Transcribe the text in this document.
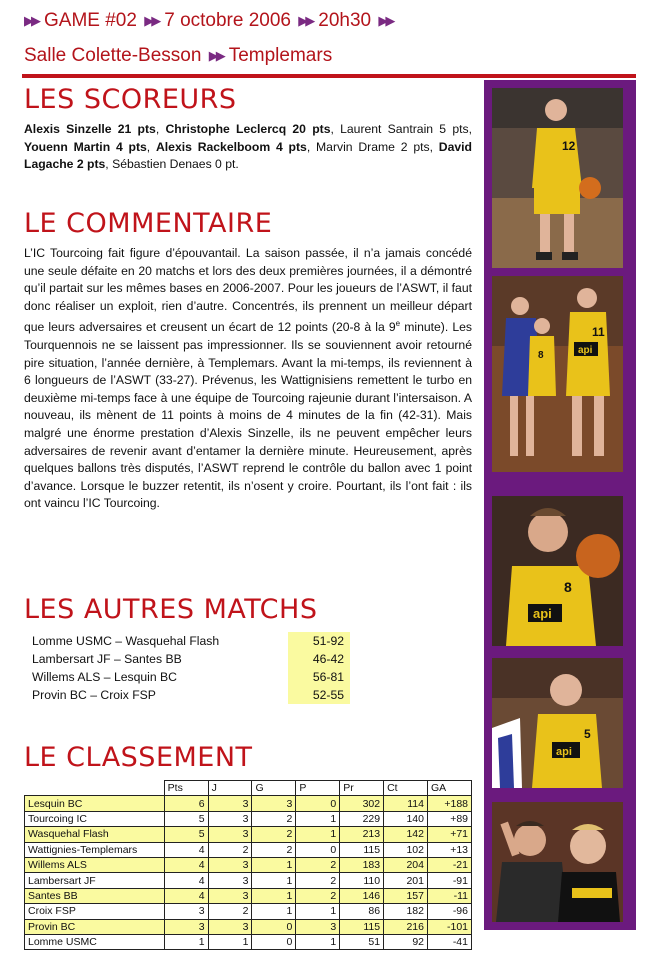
▶▶ GAME #02 ▶▶ 7 octobre 2006 ▶▶ 20h30 ▶▶
Salle Colette-Besson ▶▶ Templemars
LES SCOREURS
Alexis Sinzelle 21 pts, Christophe Leclercq 20 pts, Laurent Santrain 5 pts, Youenn Martin 4 pts, Alexis Rackelboom 4 pts, Marvin Drame 2 pts, David Lagache 2 pts, Sébastien Denaes 0 pt.
LE COMMENTAIRE
L’IC Tourcoing fait figure d’épouvantail. La saison passée, il n’a jamais concédé une seule défaite en 20 matchs et lors des deux premières journées, il a démontré qu’il partait sur les mêmes bases en 2006-2007. Pour les joueurs de l’ASWT, il faut donc réaliser un exploit, rien d’autre. Concentrés, ils prennent un meilleur départ que leurs adversaires et creusent un écart de 12 points (20-8 à la 9e minute). Les Tourquennois ne se laissent pas impressionner. Ils se souviennent avoir retourné pire situation, l’année dernière, à Templemars. Avant la mi-temps, ils reviennent à 6 longueurs de l’ASWT (33-27). Prévenus, les Wattignisiens remettent le turbo en deuxième mi-temps face à une équipe de Tourcoing rajeunie durant l’intersaison. A nouveau, ils mènent de 11 points à moins de 4 minutes de la fin (42-31). Mais malgré une énorme prestation d’Alexis Sinzelle, ils ne peuvent empêcher leurs adversaires de revenir avant d’entamer la dernière minute. Heureusement, après quelques ballons très disputés, l’ASWT reprend le contrôle du ballon avec 1 point d’avance. Lorsque le buzzer retentit, ils n’osent y croire. Pourtant, ils l’ont fait : ils ont vaincu l’IC Tourcoing.
LES AUTRES MATCHS
Lomme USMC – Wasquehal Flash	51-92
Lambersart JF – Santes BB	46-42
Willems ALS – Lesquin BC	56-81
Provin BC – Croix FSP	52-55
LE CLASSEMENT
	Pts	J	G	P	Pr	Ct	GA
Lesquin BC	6	3	3	0	302	114	+188
Tourcoing IC	5	3	2	1	229	140	+89
Wasquehal Flash	5	3	2	1	213	142	+71
Wattignies-Templemars	4	2	2	0	115	102	+13
Willems ALS	4	3	1	2	183	204	-21
Lambersart JF	4	3	1	2	110	201	-91
Santes BB	4	3	1	2	146	157	-11
Croix FSP	3	2	1	1	86	182	-96
Provin BC	3	3	0	3	115	216	-101
Lomme USMC	1	1	0	1	51	92	-41
12
11
api
8
8
api
5
api
